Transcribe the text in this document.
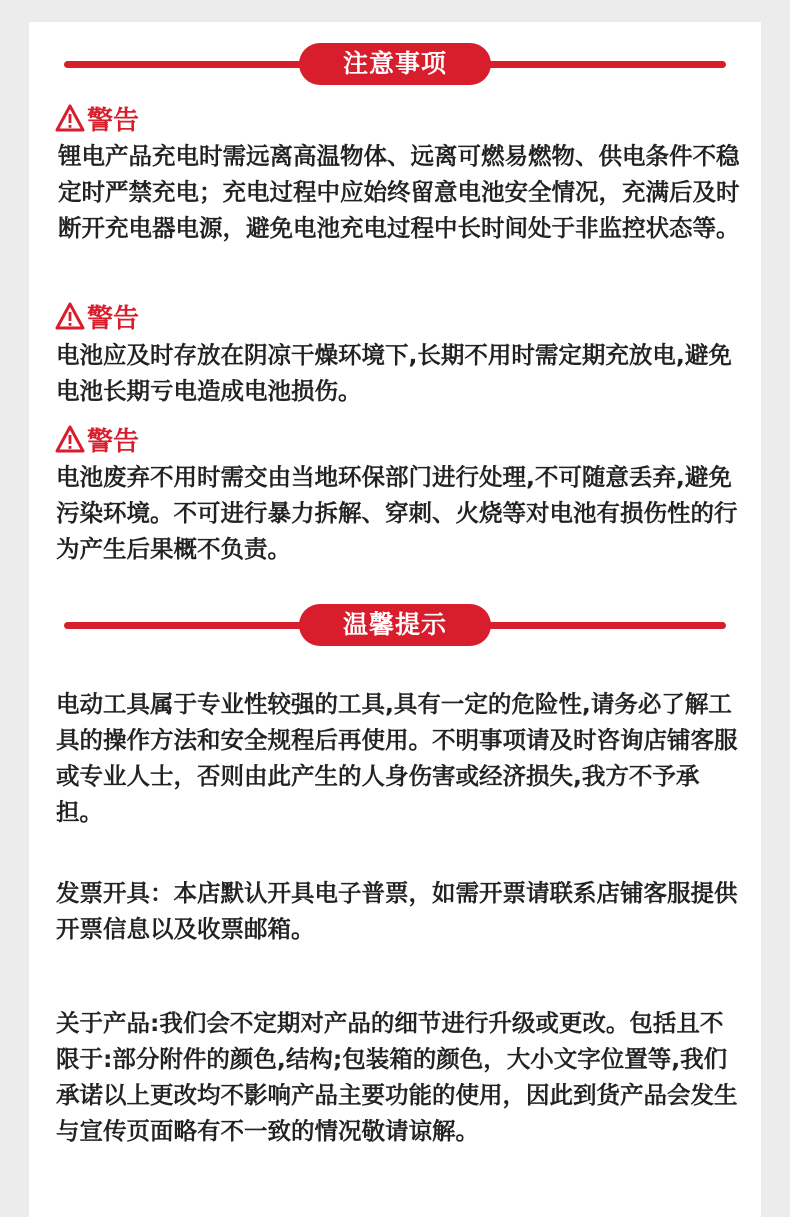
注意事项
警告

锂电产品充电时需远离高温物体、远离可燃易燃物、供电条件不稳定时严禁充电；充电过程中应始终留意电池安全情况，充满后及时断开充电器电源，避免电池充电过程中长时间处于非监控状态等。

警告

电池应及时存放在阴凉干燥环境下,长期不用时需定期充放电,避免电池长期亏电造成电池损伤。

警告

电池废弃不用时需交由当地环保部门进行处理,不可随意丢弃,避免污染环境。不可进行暴力拆解、穿刺、火烧等对电池有损伤性的行为产生后果概不负责。

温馨提示

电动工具属于专业性较强的工具,具有一定的危险性,请务必了解工具的操作方法和安全规程后再使用。不明事项请及时咨询店铺客服或专业人士，否则由此产生的人身伤害或经济损失,我方不予承担。

发票开具：本店默认开具电子普票，如需开票请联系店铺客服提供开票信息以及收票邮箱。

关于产品:我们会不定期对产品的细节进行升级或更改。包括且不限于:部分附件的颜色,结构;包装箱的颜色，大小文字位置等,我们承诺以上更改均不影响产品主要功能的使用，因此到货产品会发生与宣传页面略有不一致的情况敬请谅解。
